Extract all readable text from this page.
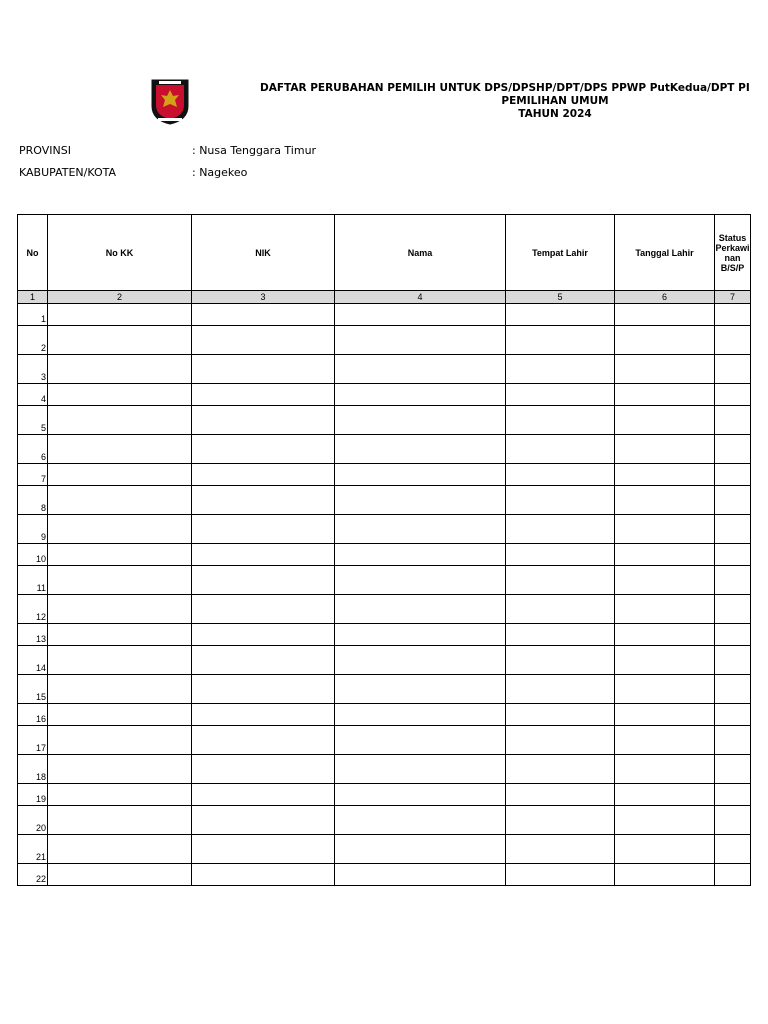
DAFTAR PERUBAHAN PEMILIH UNTUK DPS/DPSHP/DPT/DPS PPWP PutKedua/DPT PI
PEMILIHAN UMUM
TAHUN 2024
PROVINSI	: Nusa Tenggara Timur
KABUPATEN/KOTA	: Nagekeo
No	No KK	NIK	Nama	Tempat Lahir	Tanggal Lahir	Status
Perkawi
nan
B/S/P
1	2	3	4	5	6	7
1						
2						
3						
4						
5						
6						
7						
8						
9						
10						
11						
12						
13						
14						
15						
16						
17						
18						
19						
20						
21						
22						
